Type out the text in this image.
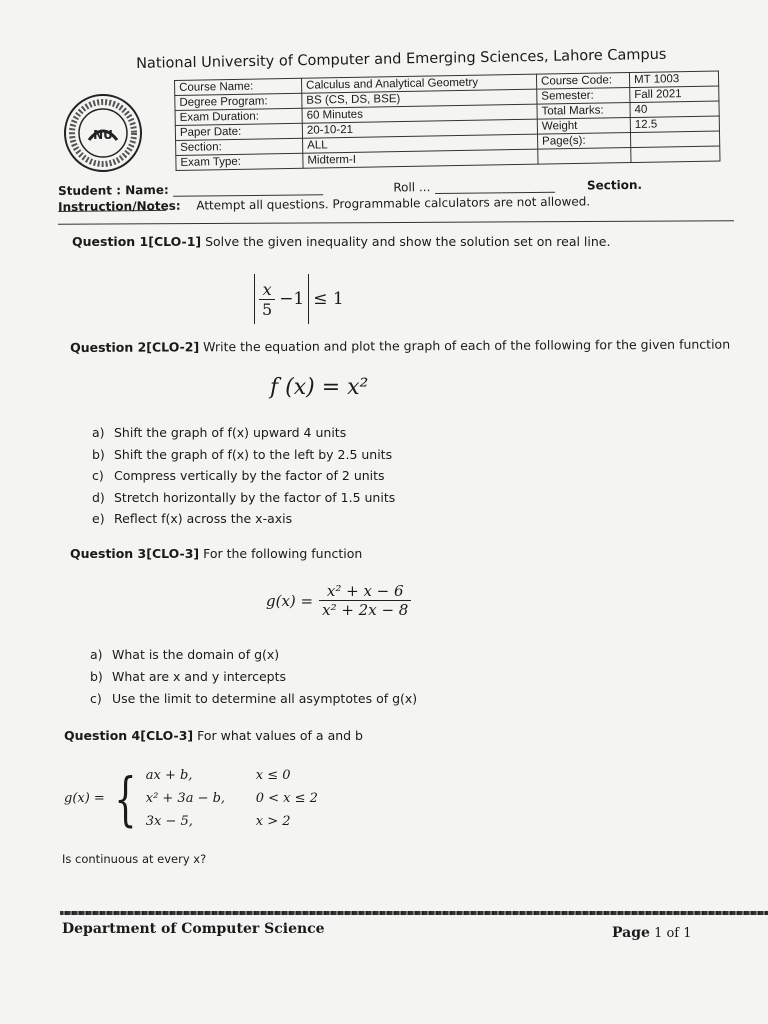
National University of Computer and Emerging Sciences, Lahore Campus
NU
Course Name:	Calculus and Analytical Geometry	Course Code:	MT 1003
Degree Program:	BS (CS, DS, BSE)	Semester:	Fall 2021
Exam Duration:	60 Minutes	Total Marks:	40
Paper Date:	20-10-21	Weight	12.5
Section:	ALL	Page(s):	
Exam Type:	Midterm-I		
Student : Name:	Roll ...	Section.
Instruction/Notes: Attempt all questions. Programmable calculators are not allowed.
Question 1[CLO-1] Solve the given inequality and show the solution set on real line.
$\frac{x}{5} -1 \le 1$
Question 2[CLO-2] Write the equation and plot the graph of each of the following for the given function
f (x) = x²
a) Shift the graph of f(x) upward 4 units
b) Shift the graph of f(x) to the left by 2.5 units
c) Compress vertically by the factor of 2 units
d) Stretch horizontally by the factor of 1.5 units
e) Reflect f(x) across the x-axis
Question 3[CLO-3] For the following function
$g(x) = \frac{\text{x² + x − 6}}{\text{x² + 2x − 8}}$
a) What is the domain of g(x)
b) What are x and y intercepts
c) Use the limit to determine all asymptotes of g(x)
Question 4[CLO-3] For what values of a and b
g(x) = { ax + b,	x ≤ 0
x² + 3a − b, 0 < x ≤ 2
3x − 5,	x > 2
Is continuous at every x?
Department of Computer Science	Page 1 of 1
